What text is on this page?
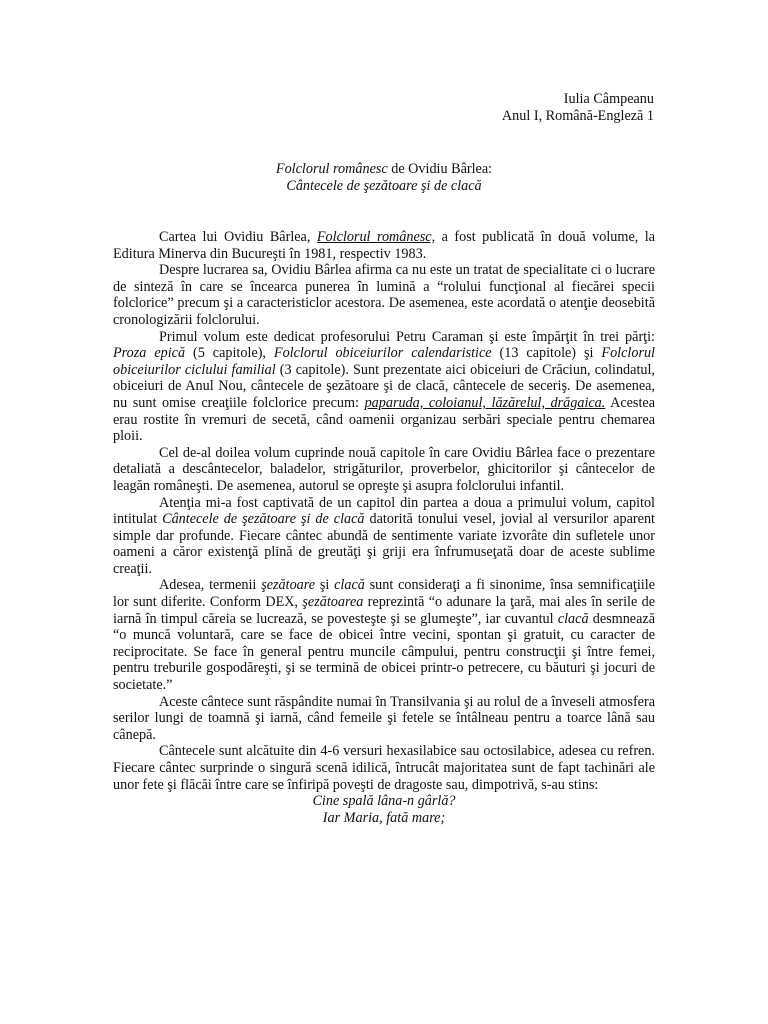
Iulia Câmpeanu
Anul I, Română-Engleză 1
Folclorul românesc de Ovidiu Bârlea:
Cântecele de şezătoare şi de clacă

Cartea lui Ovidiu Bârlea, Folclorul românesc, a fost publicată în două volume, la Editura Minerva din Bucureşti în 1981, respectiv 1983.

Despre lucrarea sa, Ovidiu Bârlea afirma ca nu este un tratat de specialitate ci o lucrare de sinteză în care se încearca punerea în lumină a “rolului funcţional al fiecărei specii folclorice” precum şi a caracteristiclor acestora. De asemenea, este acordată o atenţie deosebită cronologizării folclorului.

Primul volum este dedicat profesorului Petru Caraman şi este împărţit în trei părţi: Proza epică (5 capitole), Folclorul obiceiurilor calendaristice (13 capitole) şi Folclorul obiceiurilor ciclului familial (3 capitole). Sunt prezentate aici obiceiuri de Crăciun, colindatul, obiceiuri de Anul Nou, cântecele de şezătoare şi de clacă, cântecele de seceriş. De asemenea, nu sunt omise creaţiile folclorice precum: paparuda, coloianul, lăzărelul, drăgaica. Acestea erau rostite în vremuri de secetă, când oamenii organizau serbări speciale pentru chemarea ploii.

Cel de-al doilea volum cuprinde nouă capitole în care Ovidiu Bârlea face o prezentare detaliată a descântecelor, baladelor, strigăturilor, proverbelor, ghicitorilor şi cântecelor de leagăn româneşti. De asemenea, autorul se opreşte şi asupra folclorului infantil.

Atenţia mi-a fost captivată de un capitol din partea a doua a primului volum, capitol intitulat Cântecele de şezătoare şi de clacă datorită tonului vesel, jovial al versurilor aparent simple dar profunde. Fiecare cântec abundă de sentimente variate izvorâte din sufletele unor oameni a căror existenţă plină de greutăţi şi griji era înfrumuseţată doar de aceste sublime creaţii.

Adesea, termenii şezătoare şi clacă sunt consideraţi a fi sinonime, însa semnificaţiile lor sunt diferite. Conform DEX, şezătoarea reprezintă “o adunare la ţară, mai ales în serile de iarnă în timpul căreia se lucrează, se povesteşte şi se glumeşte”, iar cuvantul clacă desmnează “o muncă voluntară, care se face de obicei între vecini, spontan şi gratuit, cu caracter de reciprocitate. Se face în general pentru muncile câmpului, pentru construcţii şi între femei, pentru treburile gospodăreşti, şi se termină de obicei printr-o petrecere, cu băuturi şi jocuri de societate.”

Aceste cântece sunt răspândite numai în Transilvania şi au rolul de a înveseli atmosfera serilor lungi de toamnă şi iarnă, când femeile şi fetele se întâlneau pentru a toarce lână sau cânepă.

Cântecele sunt alcătuite din 4-6 versuri hexasilabice sau octosilabice, adesea cu refren. Fiecare cântec surprinde o singură scenă idilică, întrucât majoritatea sunt de fapt tachinări ale unor fete şi flăcăi între care se înfiripă poveşti de dragoste sau, dimpotrivă, s-au stins:

Cine spală lâna-n gârlă?
Iar Maria, fată mare;
